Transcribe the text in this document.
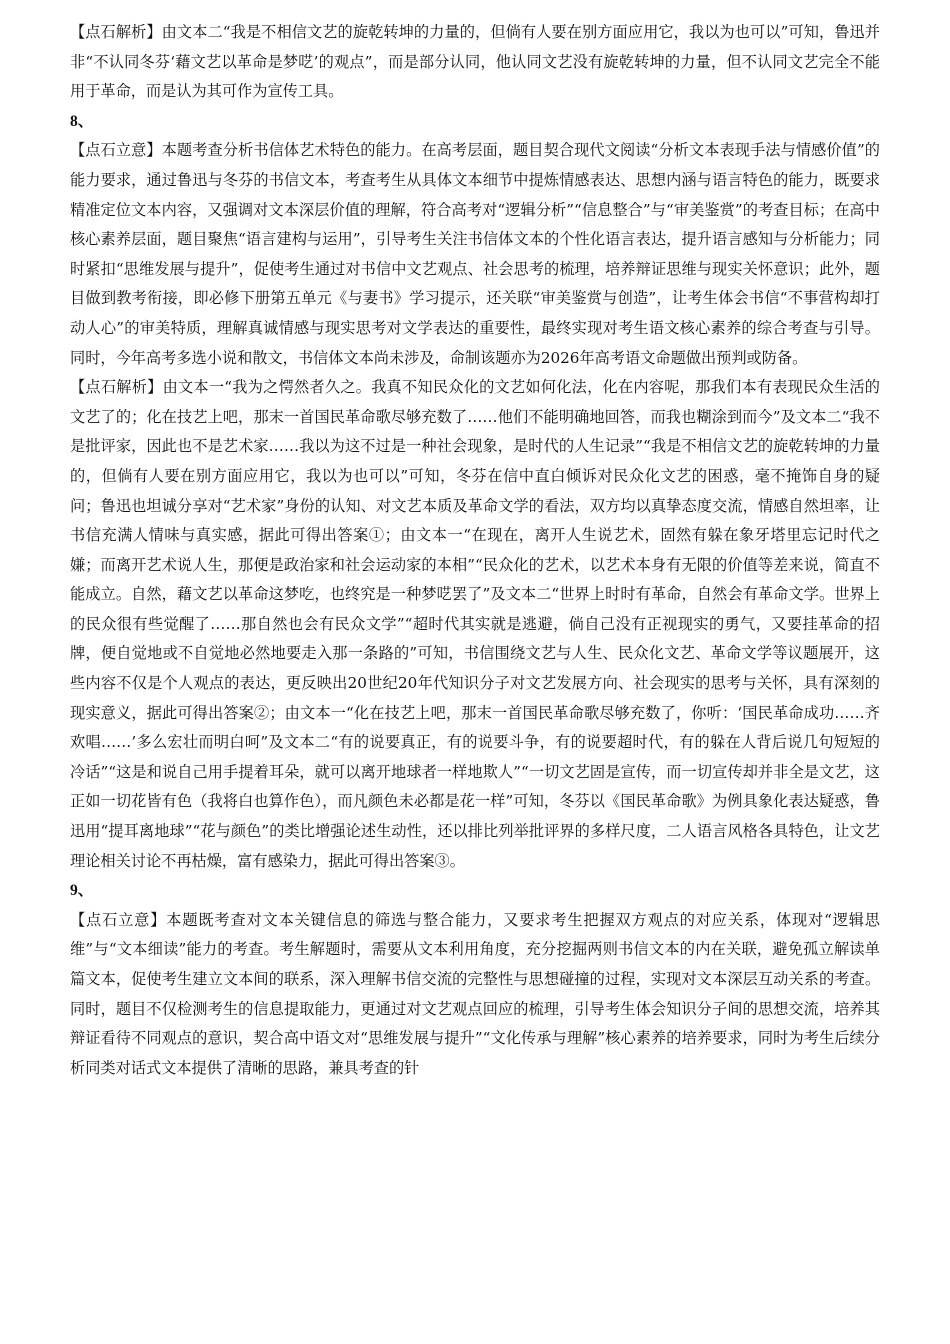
【点石解析】由文本二“我是不相信文艺的旋乾转坤的力量的，但倘有人要在别方面应用它，我以为也可以”可知，鲁迅并非“不认同冬芬‘藉文艺以革命是梦呓’的观点”，而是部分认同，他认同文艺没有旋乾转坤的力量，但不认同文艺完全不能用于革命，而是认为其可作为宣传工具。

8、

【点石立意】本题考查分析书信体艺术特色的能力。在高考层面，题目契合现代文阅读“分析文本表现手法与情感价值”的能力要求，通过鲁迅与冬芬的书信文本，考查考生从具体文本细节中提炼情感表达、思想内涵与语言特色的能力，既要求精准定位文本内容，又强调对文本深层价值的理解，符合高考对“逻辑分析”“信息整合”与“审美鉴赏”的考查目标；在高中核心素养层面，题目聚焦“语言建构与运用”，引导考生关注书信体文本的个性化语言表达，提升语言感知与分析能力；同时紧扣“思维发展与提升”，促使考生通过对书信中文艺观点、社会思考的梳理，培养辩证思维与现实关怀意识；此外，题目做到教考衔接，即必修下册第五单元《与妻书》学习提示，还关联“审美鉴赏与创造”，让考生体会书信“不事营构却打动人心”的审美特质，理解真诚情感与现实思考对文学表达的重要性，最终实现对考生语文核心素养的综合考查与引导。同时，今年高考多选小说和散文，书信体文本尚未涉及，命制该题亦为2026年高考语文命题做出预判或防备。

【点石解析】由文本一“我为之愕然者久之。我真不知民众化的文艺如何化法，化在内容呢，那我们本有表现民众生活的文艺了的；化在技艺上吧，那末一首国民革命歌尽够充数了……他们不能明确地回答，而我也糊涂到而今”及文本二“我不是批评家，因此也不是艺术家……我以为这不过是一种社会现象，是时代的人生记录”“我是不相信文艺的旋乾转坤的力量的，但倘有人要在别方面应用它，我以为也可以”可知，冬芬在信中直白倾诉对民众化文艺的困惑，毫不掩饰自身的疑问；鲁迅也坦诚分享对“艺术家”身份的认知、对文艺本质及革命文学的看法，双方均以真挚态度交流，情感自然坦率，让书信充满人情味与真实感，据此可得出答案①；由文本一“在现在，离开人生说艺术，固然有躲在象牙塔里忘记时代之嫌；而离开艺术说人生，那便是政治家和社会运动家的本相”“民众化的艺术，以艺术本身有无限的价值等差来说，简直不能成立。自然，藉文艺以革命这梦吃，也终究是一种梦呓罢了”及文本二“世界上时时有革命，自然会有革命文学。世界上的民众很有些觉醒了……那自然也会有民众文学”“超时代其实就是逃避，倘自己没有正视现实的勇气，又要挂革命的招牌，便自觉地或不自觉地必然地要走入那一条路的”可知，书信围绕文艺与人生、民众化文艺、革命文学等议题展开，这些内容不仅是个人观点的表达，更反映出20世纪20年代知识分子对文艺发展方向、社会现实的思考与关怀，具有深刻的现实意义，据此可得出答案②；由文本一“化在技艺上吧，那末一首国民革命歌尽够充数了，你听：‘国民革命成功……齐欢唱……’多么宏壮而明白呵”及文本二“有的说要真正，有的说要斗争，有的说要超时代，有的躲在人背后说几句短短的冷话”“这是和说自己用手提着耳朵，就可以离开地球者一样地欺人”“一切文艺固是宣传，而一切宣传却并非全是文艺，这正如一切花皆有色（我将白也算作色），而凡颜色未必都是花一样”可知，冬芬以《国民革命歌》为例具象化表达疑惑，鲁迅用“提耳离地球”“花与颜色”的类比增强论述生动性，还以排比列举批评界的多样尺度，二人语言风格各具特色，让文艺理论相关讨论不再枯燥，富有感染力，据此可得出答案③。

9、

【点石立意】本题既考查对文本关键信息的筛选与整合能力，又要求考生把握双方观点的对应关系，体现对“逻辑思维”与“文本细读”能力的考查。考生解题时，需要从文本利用角度，充分挖掘两则书信文本的内在关联，避免孤立解读单篇文本，促使考生建立文本间的联系，深入理解书信交流的完整性与思想碰撞的过程，实现对文本深层互动关系的考查。同时，题目不仅检测考生的信息提取能力，更通过对文艺观点回应的梳理，引导考生体会知识分子间的思想交流，培养其辩证看待不同观点的意识，契合高中语文对“思维发展与提升”“文化传承与理解”核心素养的培养要求，同时为考生后续分析同类对话式文本提供了清晰的思路，兼具考查的针
